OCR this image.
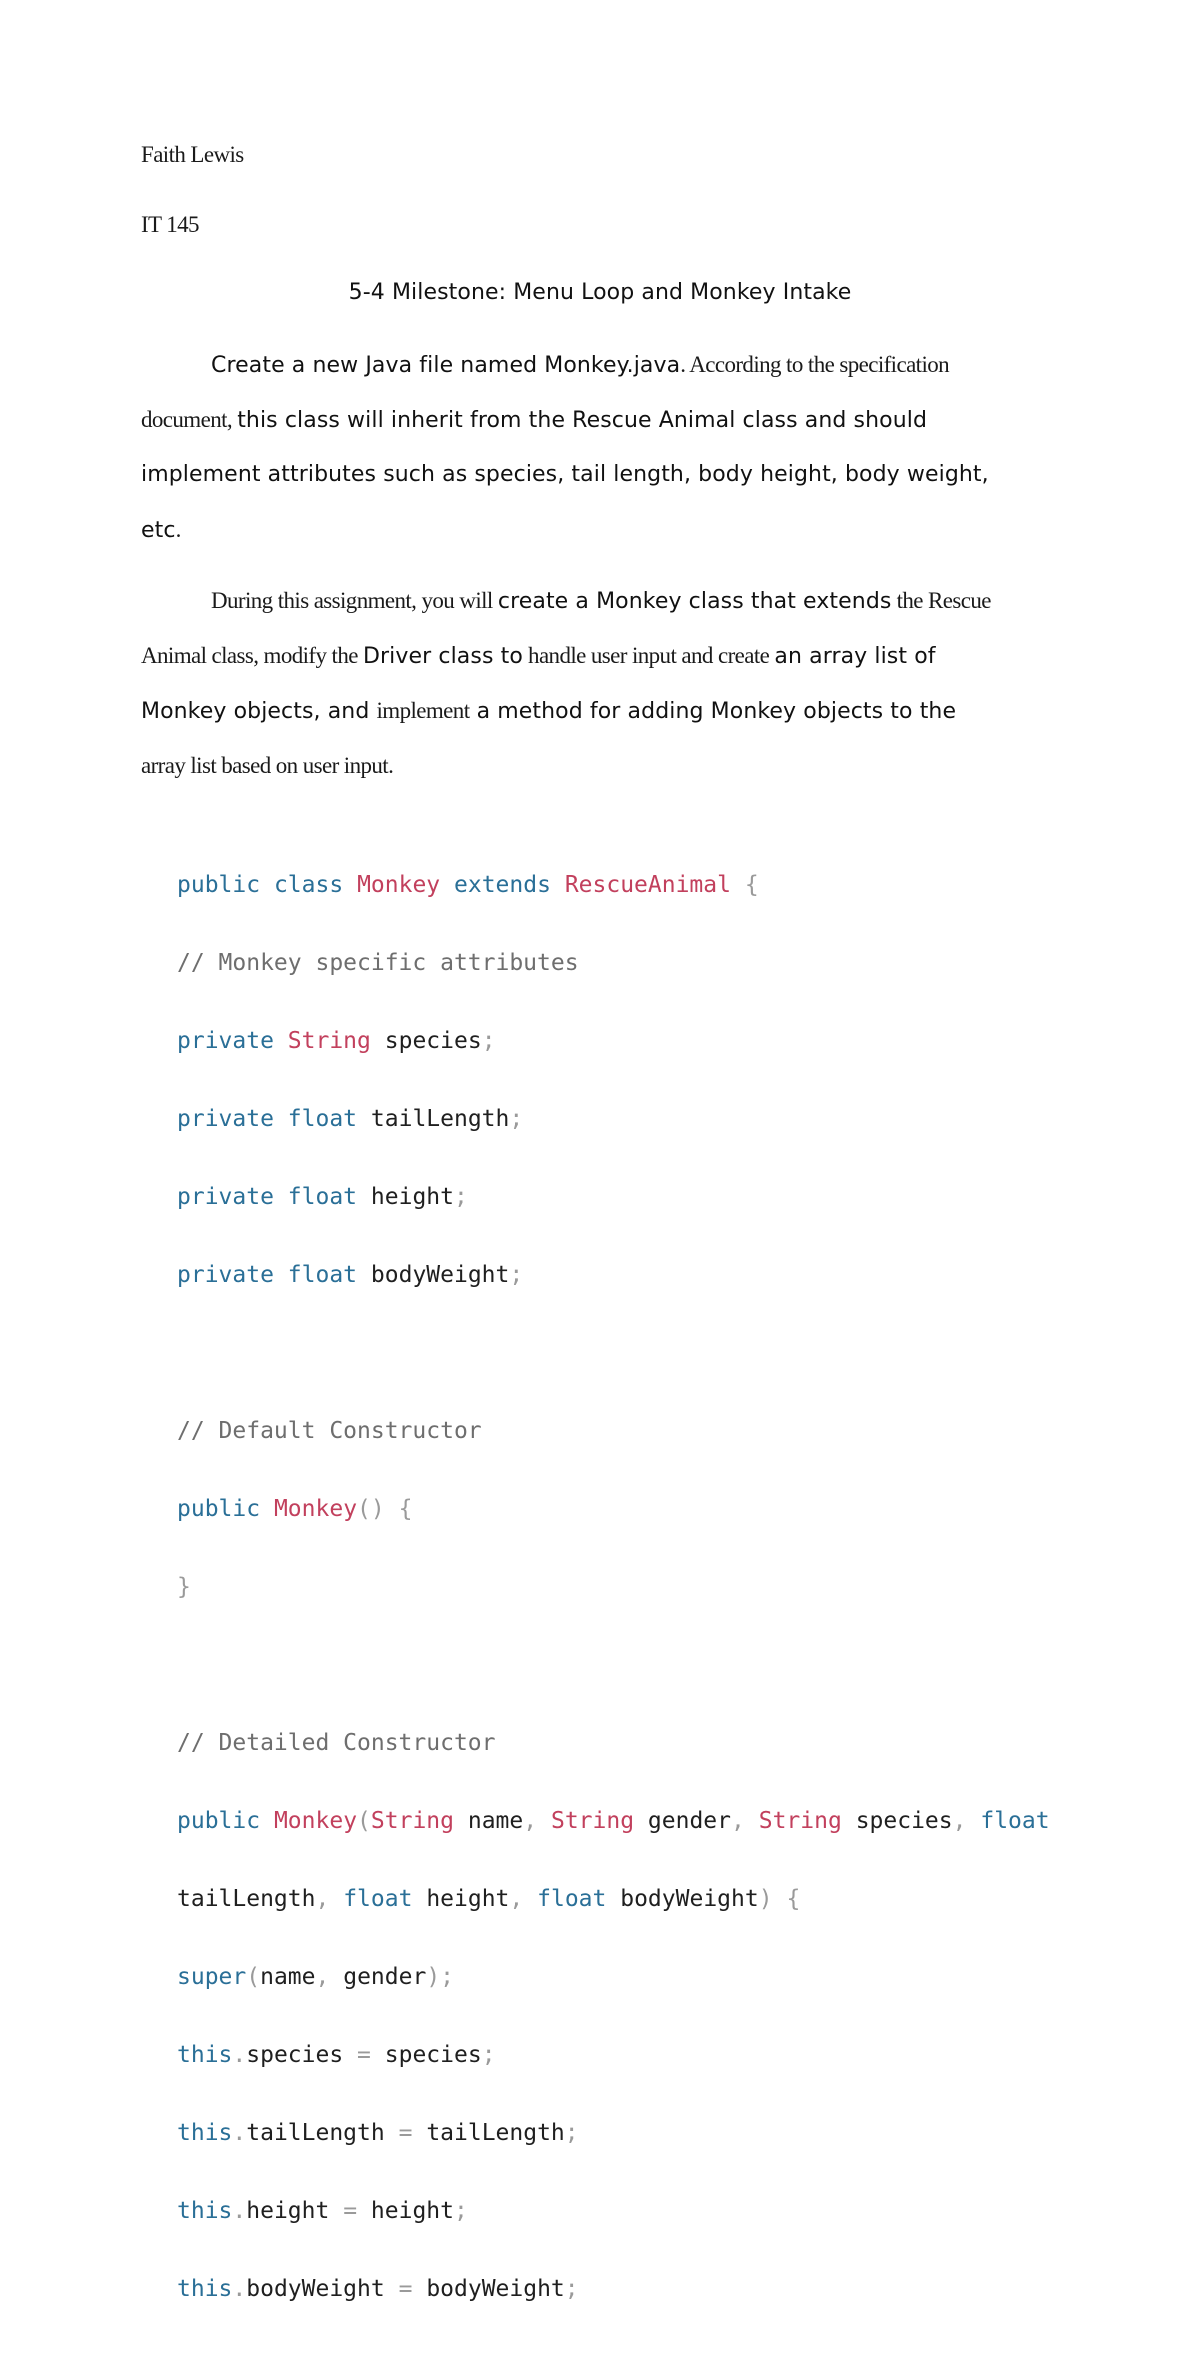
Faith Lewis
IT 145
5-4 Milestone: Menu Loop and Monkey Intake
Create a new Java file named Monkey.java. According to the specification
document, this class will inherit from the Rescue Animal class and should
implement attributes such as species, tail length, body height, body weight,
etc.
During this assignment, you will create a Monkey class that extends the Rescue
Animal class, modify the Driver class to handle user input and create an array list of
Monkey objects, and implement a method for adding Monkey objects to the
array list based on user input.

public class Monkey extends RescueAnimal {

// Monkey specific attributes

private String species;

private float tailLength;

private float height;

private float bodyWeight;

// Default Constructor

public Monkey() {

}

// Detailed Constructor

public Monkey(String name, String gender, String species, float

tailLength, float height, float bodyWeight) {

super(name, gender);

this.species = species;

this.tailLength = tailLength;

this.height = height;

this.bodyWeight = bodyWeight;
